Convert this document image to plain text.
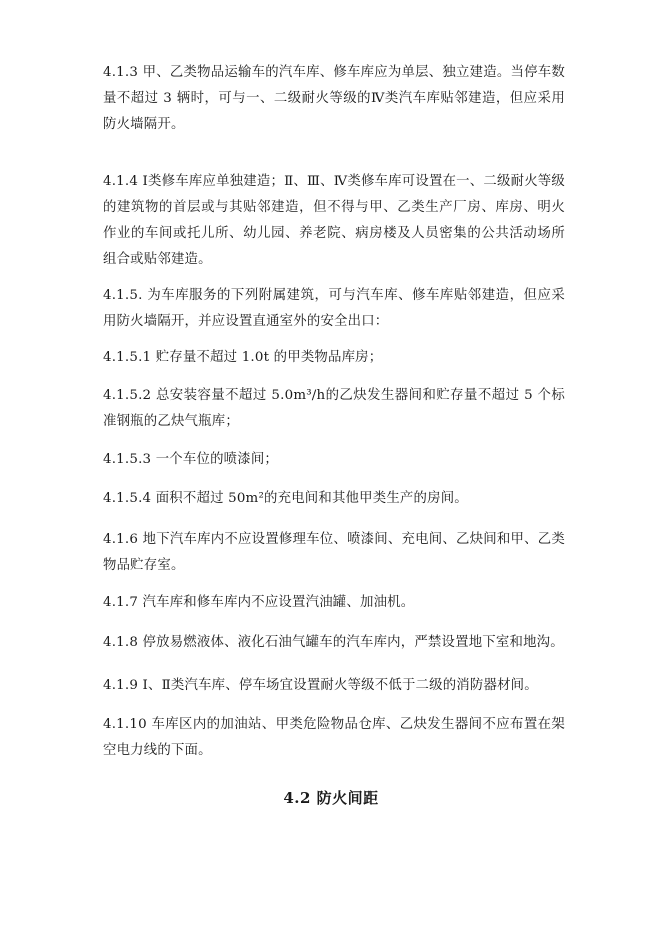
4.1.3 甲、乙类物品运输车的汽车库、修车库应为单层、独立建造。当停车数量不超过 3 辆时，可与一、二级耐火等级的Ⅳ类汽车库贴邻建造，但应采用防火墙隔开。
4.1.4 Ⅰ类修车库应单独建造；Ⅱ、Ⅲ、Ⅳ类修车库可设置在一、二级耐火等级的建筑物的首层或与其贴邻建造，但不得与甲、乙类生产厂房、库房、明火作业的车间或托儿所、幼儿园、养老院、病房楼及人员密集的公共活动场所组合或贴邻建造。
4.1.5. 为车库服务的下列附属建筑，可与汽车库、修车库贴邻建造，但应采用防火墙隔开，并应设置直通室外的安全出口：
4.1.5.1 贮存量不超过 1.0t 的甲类物品库房；
4.1.5.2 总安装容量不超过 5.0m³/h的乙炔发生器间和贮存量不超过 5 个标准钢瓶的乙炔气瓶库；
4.1.5.3 一个车位的喷漆间；
4.1.5.4 面积不超过 50m²的充电间和其他甲类生产的房间。
4.1.6 地下汽车库内不应设置修理车位、喷漆间、充电间、乙炔间和甲、乙类物品贮存室。
4.1.7 汽车库和修车库内不应设置汽油罐、加油机。
4.1.8 停放易燃液体、液化石油气罐车的汽车库内，严禁设置地下室和地沟。
4.1.9 Ⅰ、Ⅱ类汽车库、停车场宜设置耐火等级不低于二级的消防器材间。
4.1.10 车库区内的加油站、甲类危险物品仓库、乙炔发生器间不应布置在架空电力线的下面。
4.2 防火间距
